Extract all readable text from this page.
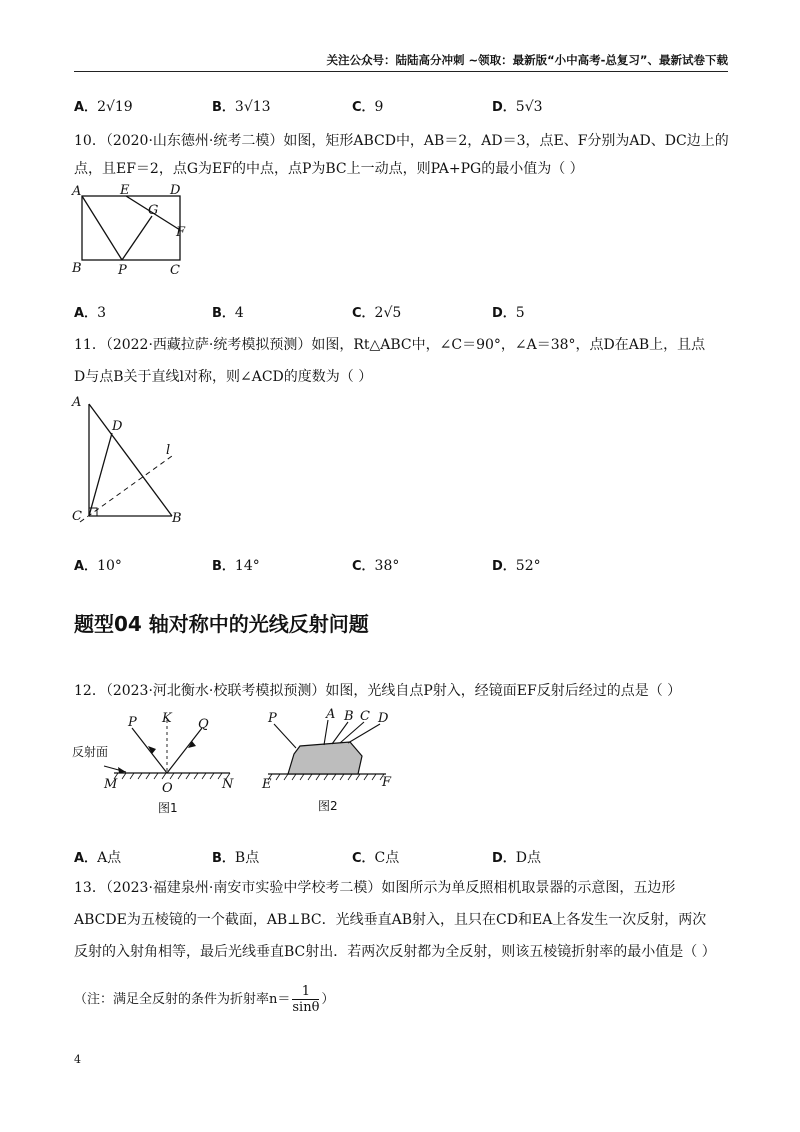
关注公众号：陆陆高分冲刺 ~领取：最新版“小中高考-总复习”、最新试卷下载
A．2√19	B．3√13	C．9	D．5√3
10．（2020·山东德州·统考二模）如图，矩形ABCD中，AB＝2，AD＝3，点E、F分别为AD、DC边上的
点，且EF＝2，点G为EF的中点，点P为BC上一动点，则PA+PG的最小值为（ ）
A	E	D
G
F
B	P	C
A．3	B．4	C．2√5	D．5
11．（2022·西藏拉萨·统考模拟预测）如图，Rt△ABC中，∠C＝90°，∠A＝38°，点D在AB上，且点
D与点B关于直线l对称，则∠ACD的度数为（ ）
A
D
l
C	B
A．10°	B．14°	C．38°	D．52°
题型04 轴对称中的光线反射问题
12．（2023·河北衡水·校联考模拟预测）如图，光线自点P射入，经镜面EF反射后经过的点是（ ）
P K Q
反射面
M	O	N
图1
P	A B C D
E	F
图2
A．A点	B．B点	C．C点	D．D点
13．（2023·福建泉州·南安市实验中学校考二模）如图所示为单反照相机取景器的示意图，五边形
ABCDE为五棱镜的一个截面，AB⊥BC．光线垂直AB射入，且只在CD和EA上各发生一次反射，两次
反射的入射角相等，最后光线垂直BC射出．若两次反射都为全反射，则该五棱镜折射率的最小值是（ ）
（注：满足全反射的条件为折射率$n= \frac{1}{\sin\theta}$ ）
4
